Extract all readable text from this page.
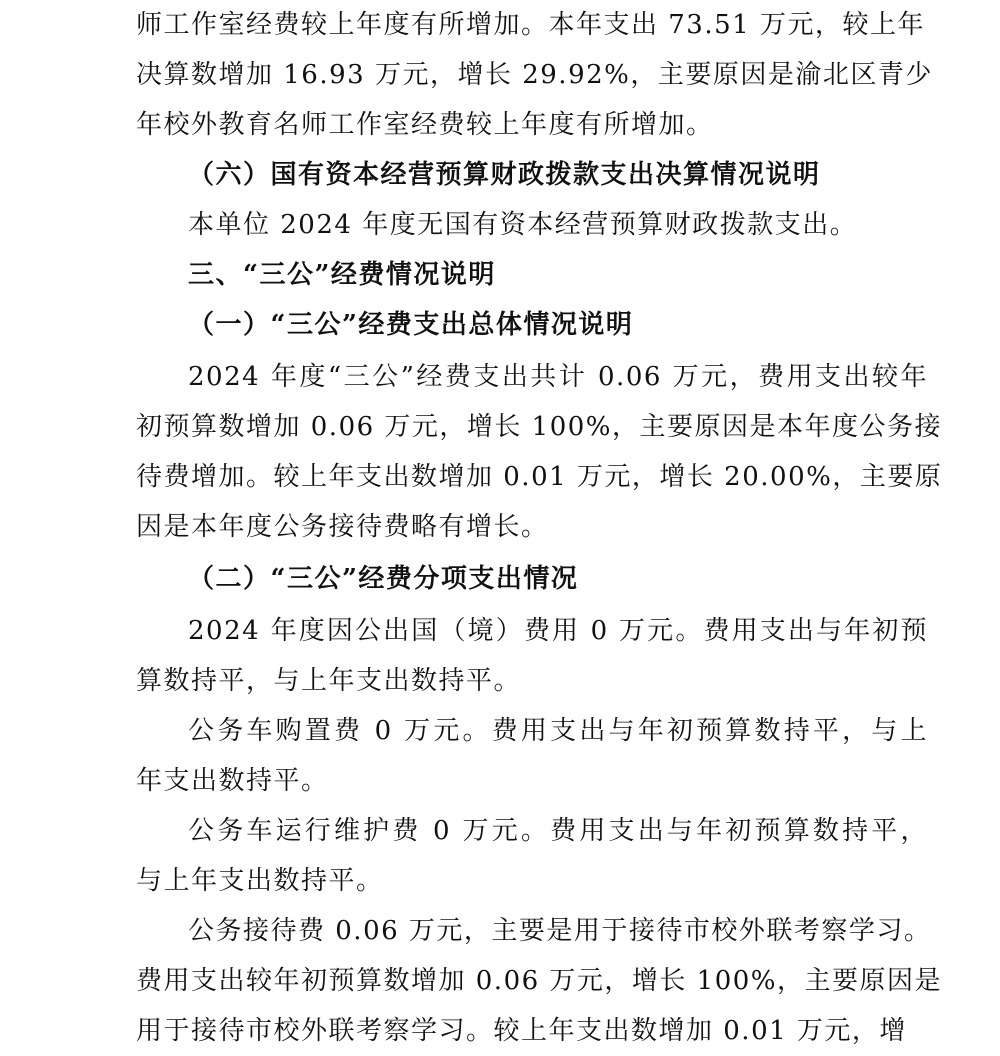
师工作室经费较上年度有所增加。本年支出 73.51 万元，较上年
决算数增加 16.93 万元，增长 29.92%，主要原因是渝北区青少
年校外教育名师工作室经费较上年度有所增加。
（六）国有资本经营预算财政拨款支出决算情况说明
本单位 2024 年度无国有资本经营预算财政拨款支出。
三、“三公”经费情况说明
（一）“三公”经费支出总体情况说明
2024 年度“三公”经费支出共计 0.06 万元，费用支出较年
初预算数增加 0.06 万元，增长 100%，主要原因是本年度公务接
待费增加。较上年支出数增加 0.01 万元，增长 20.00%，主要原
因是本年度公务接待费略有增长。
（二）“三公”经费分项支出情况
2024 年度因公出国（境）费用 0 万元。费用支出与年初预
算数持平，与上年支出数持平。
公务车购置费 0 万元。费用支出与年初预算数持平，与上
年支出数持平。
公务车运行维护费 0 万元。费用支出与年初预算数持平，
与上年支出数持平。
公务接待费 0.06 万元，主要是用于接待市校外联考察学习。
费用支出较年初预算数增加 0.06 万元，增长 100%，主要原因是
用于接待市校外联考察学习。较上年支出数增加 0.01 万元，增
